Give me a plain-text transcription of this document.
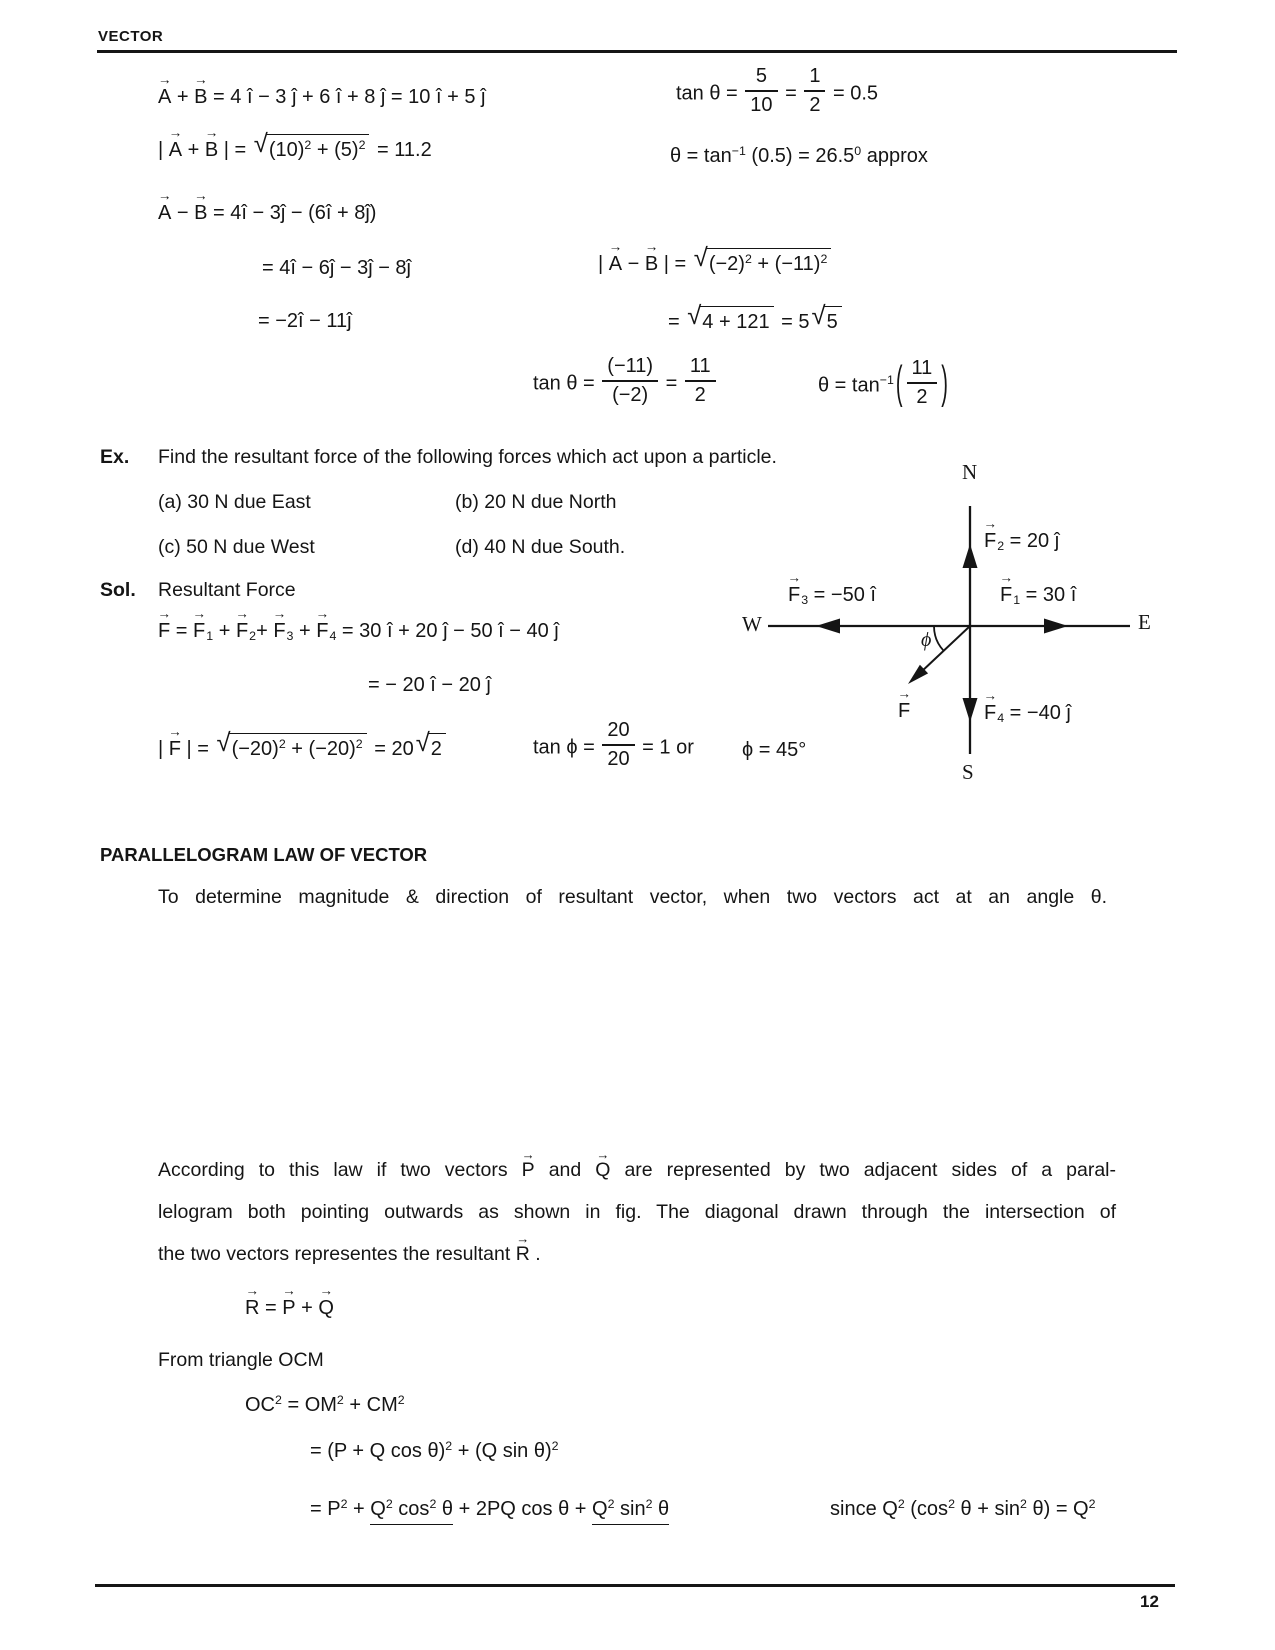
VECTOR
→ A + → B = 4 î − 3 ĵ + 6 î + 8 ĵ = 10 î + 5 ĵ
| → A + → B | = $√(10)^2 + (5)^2 = 11.2$
→ A − → B = 4î − 3ĵ − (6î + 8ĵ)
= 4î − 6ĵ − 3ĵ − 8ĵ
= −2î − 11ĵ
$\tan \theta = \frac{5}{10} = \frac{1}{2} = 0.5$
$\theta = \tan^{-1} (0.5) = 26.5^0$ approx
| → A − → B | = $√(-2)^2 + (-11)^2$
= √4 + 121 = 5√5
$\tan \theta = \frac{(-11)}{(-2)} = \frac{11}{2}$	$\theta = \tan^{-1}$ ( $\frac{11}{2}$ )
Ex. Find the resultant force of the following forces which act upon a particle.
(a) 30 N due East	(b) 20 N due North
(c) 50 N due West	(d) 40 N due South.
Sol. Resultant Force
→ F = → F1 + → F2+ → F3 + → F4 = 30 î + 20 ĵ − 50 î − 40 ĵ
= − 20 î − 20 ĵ
| → F | = $√(-20)^2 + (-20)^2 = 20√2$	$\tan \phi = \frac{20}{20} = 1$ or ϕ = 45°
N
S
W	E
→ F2 = 20 ĵ
→ F1 = 30 î
→ F3 = −50 î
→ F4 = −40 ĵ
→ F
ϕ
PARALLELOGRAM LAW OF VECTOR
To determine magnitude & direction of resultant vector, when two vectors act at an angle θ.
According to this law if two vectors → P and → Q are represented by two adjacent sides of a paral-
lelogram both pointing outwards as shown in fig. The diagonal drawn through the intersection of
the two vectors representes the resultant → R .
→ R = → P + → Q
From triangle OCM
$OC^2 = OM^2 + CM^2$
= (P + Q cos θ)$^2$ + (Q sin θ)$^2$
= $P^2 + Q^2$ $\cos^2 \theta + 2PQ$ $\cos \theta + Q^2$ $\sin^2 \theta$	since $Q^2$ ($\cos^2$ $\theta + \sin^2 \theta) = Q^2$
12
